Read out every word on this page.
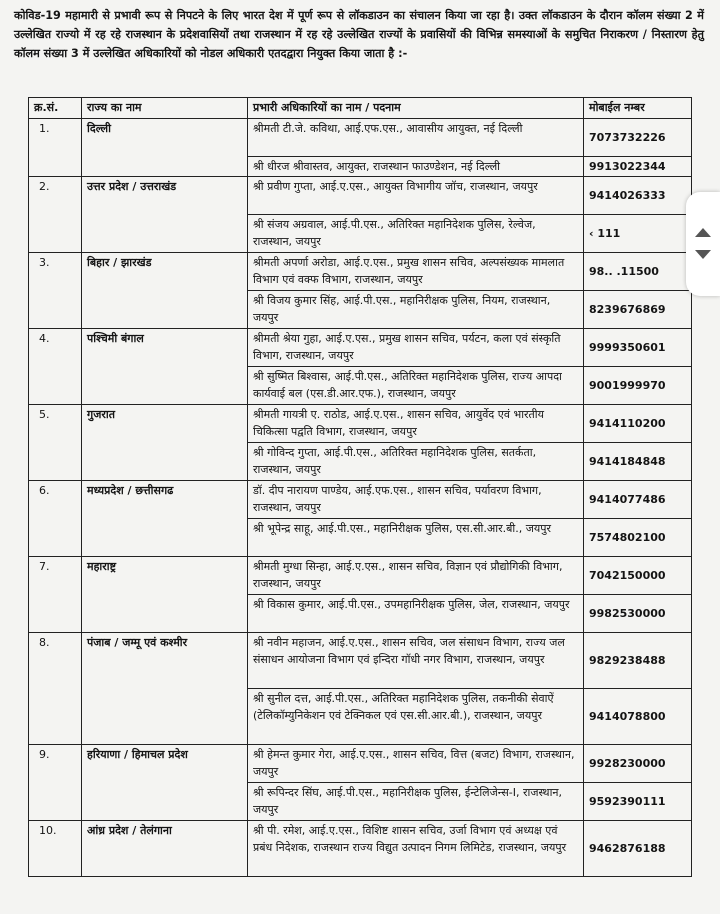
कोविड-19 महामारी से प्रभावी रूप से निपटने के लिए भारत देश में पूर्ण रूप से लॉकडाउन का संचालन किया जा रहा है। उक्त लॉकडाउन के दौरान कॉलम संख्या 2 में उल्लेखित राज्यो में रह रहे राजस्थान के प्रदेशवासियों तथा राजस्थान में रह रहे उल्लेखित राज्यों के प्रवासियों की विभिन्न समस्याओं के समुचित निराकरण / निस्तारण हेतु कॉलम संख्या 3 में उल्लेखित अधिकारियों को नोडल अधिकारी एतदद्वारा नियुक्त किया जाता है :-
क्र.सं.	राज्य का नाम	प्रभारी अधिकारियों का नाम / पदनाम	मोबाईल नम्बर
1.	दिल्ली	श्रीमती टी.जे. कविथा, आई.एफ.एस., आवासीय आयुक्त, नई दिल्ली	7073732226
		श्री धीरज श्रीवास्तव, आयुक्त, राजस्थान फाउण्डेशन, नई दिल्ली	9913022344
2.	उत्तर प्रदेश / उत्तराखंड	श्री प्रवीण गुप्ता, आई.ए.एस., आयुक्त विभागीय जॉच, राजस्थान, जयपुर	9414026333
		श्री संजय अग्रवाल, आई.पी.एस., अतिरिक्त महानिदेशक पुलिस, रेल्वेज, राजस्थान, जयपुर	‹ 111
3.	बिहार / झारखंड	श्रीमती अपर्णा अरोडा, आई.ए.एस., प्रमुख शासन सचिव, अल्पसंख्यक मामलात विभाग एवं वक्फ विभाग, राजस्थान, जयपुर	98.. .11500
		श्री विजय कुमार सिंह, आई.पी.एस., महानिरीक्षक पुलिस, नियम, राजस्थान, जयपुर	8239676869
4.	पश्चिमी बंगाल	श्रीमती श्रेया गुहा, आई.ए.एस., प्रमुख शासन सचिव, पर्यटन, कला एवं संस्कृति विभाग, राजस्थान, जयपुर	9999350601
		श्री सुष्मित बिश्वास, आई.पी.एस., अतिरिक्त महानिदेशक पुलिस, राज्य आपदा कार्यवाई बल (एस.डी.आर.एफ.), राजस्थान, जयपुर	9001999970
5.	गुजरात	श्रीमती गायत्री ए. राठोड, आई.ए.एस., शासन सचिव, आयुर्वेद एवं भारतीय चिकित्सा पद्वति विभाग, राजस्थान, जयपुर	9414110200
		श्री गोविन्द गुप्ता, आई.पी.एस., अतिरिक्त महानिदेशक पुलिस, सतर्कता, राजस्थान, जयपुर	9414184848
6.	मध्यप्रदेश / छत्तीसगढ	डॉ. दीप नारायण पाण्डेय, आई.एफ.एस., शासन सचिव, पर्यावरण विभाग, राजस्थान, जयपुर	9414077486
		श्री भूपेन्द्र साहू, आई.पी.एस., महानिरीक्षक पुलिस, एस.सी.आर.बी., जयपुर	7574802100
7.	महाराष्ट्र	श्रीमती मुग्धा सिन्हा, आई.ए.एस., शासन सचिव, विज्ञान एवं प्रौद्योगिकी विभाग, राजस्थान, जयपुर	7042150000
		श्री विकास कुमार, आई.पी.एस., उपमहानिरीक्षक पुलिस, जेल, राजस्थान, जयपुर	9982530000
8.	पंजाब / जम्मू एवं कश्मीर	श्री नवीन महाजन, आई.ए.एस., शासन सचिव, जल संसाधन विभाग, राज्य जल संसाधन आयोजना विभाग एवं इन्दिरा गॉधी नगर विभाग, राजस्थान, जयपुर	9829238488
		श्री सुनील दत्त, आई.पी.एस., अतिरिक्त महानिदेशक पुलिस, तकनीकी सेवाऐं (टेलिकॉम्युनिकेशन एवं टेक्निकल एवं एस.सी.आर.बी.), राजस्थान, जयपुर	9414078800
9.	हरियाणा / हिमाचल प्रदेश	श्री हेमन्त कुमार गेरा, आई.ए.एस., शासन सचिव, वित्त (बजट) विभाग, राजस्थान, जयपुर	9928230000
		श्री रूपिन्दर सिंघ, आई.पी.एस., महानिरीक्षक पुलिस, ईन्टेलिजेन्स-I, राजस्थान, जयपुर	9592390111
10.	आंध्र प्रदेश / तेलंगाना	श्री पी. रमेश, आई.ए.एस., विशिष्ट शासन सचिव, उर्जा विभाग एवं अध्यक्ष एवं प्रबंध निदेशक, राजस्थान राज्य विद्युत उत्पादन निगम लिमिटेड, राजस्थान, जयपुर	9462876188
